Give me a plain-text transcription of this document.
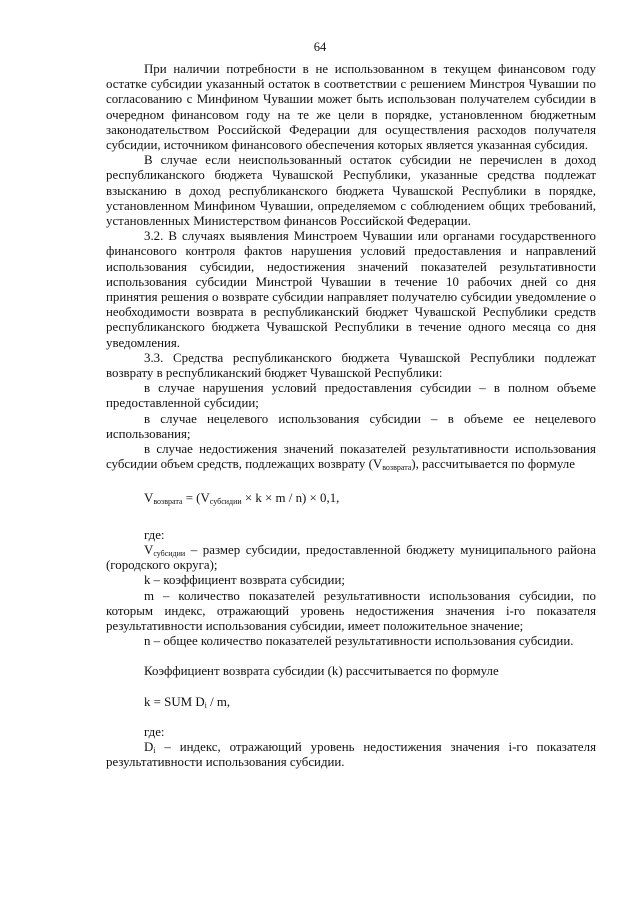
64

При наличии потребности в не использованном в текущем финансовом году остатке субсидии указанный остаток в соответствии с решением Минстроя Чувашии по согласованию с Минфином Чувашии может быть использован получателем субсидии в очередном финансовом году на те же цели в порядке, установленном бюджетным законодательством Российской Федерации для осуществления расходов получателя субсидии, источником финансового обеспечения которых является указанная субсидия.

В случае если неиспользованный остаток субсидии не перечислен в доход республиканского бюджета Чувашской Республики, указанные средства подлежат взысканию в доход республиканского бюджета Чувашской Республики в порядке, установленном Минфином Чувашии, определяемом с соблюдением общих требований, установленных Министерством финансов Российской Федерации.

3.2. В случаях выявления Минстроем Чувашии или органами государственного финансового контроля фактов нарушения условий предоставления и направлений использования субсидии, недостижения значений показателей результативности использования субсидии Минстрой Чувашии в течение 10 рабочих дней со дня принятия решения о возврате субсидии направляет получателю субсидии уведомление о необходимости возврата в республиканский бюджет Чувашской Республики средств республиканского бюджета Чувашской Республики в течение одного месяца со дня уведомления.

3.3. Средства республиканского бюджета Чувашской Республики подлежат возврату в республиканский бюджет Чувашской Республики:

в случае нарушения условий предоставления субсидии – в полном объеме предоставленной субсидии;

в случае нецелевого использования субсидии – в объеме ее нецелевого использования;

в случае недостижения значений показателей результативности использования субсидии объем средств, подлежащих возврату $(V_{возврата})$, рассчитывается по формуле

$V_{возврата} = (V_{субсидии} \times k \times m / n) \times 0,1$,

где:

$V_{субсидии}$ – размер субсидии, предоставленной бюджету муниципального района (городского округа);

k – коэффициент возврата субсидии;

m – количество показателей результативности использования субсидии, по которым индекс, отражающий уровень недостижения значения i-го показателя результативности использования субсидии, имеет положительное значение;

n – общее количество показателей результативности использования субсидии.

Коэффициент возврата субсидии (k) рассчитывается по формуле

k = SUM $D_i$ / m,

где:

$D_i$ – индекс, отражающий уровень недостижения значения i-го показателя результативности использования субсидии.
